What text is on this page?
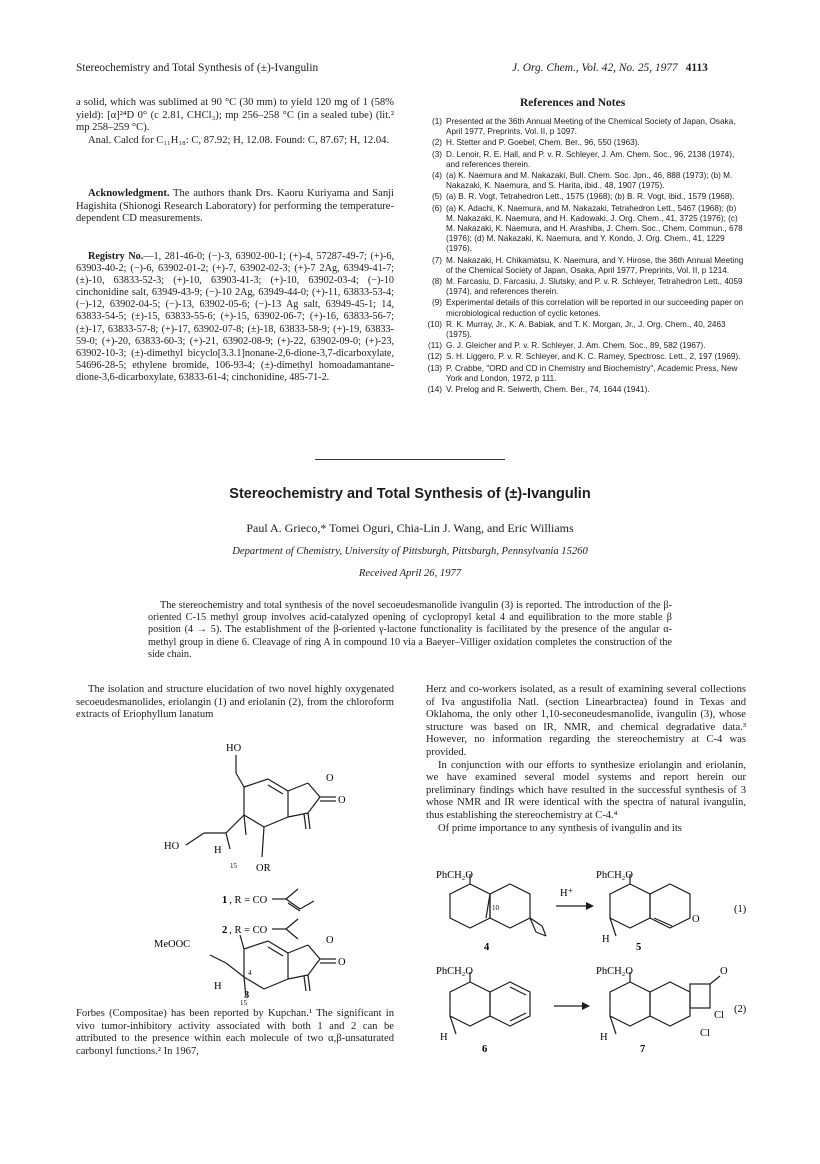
Stereochemistry and Total Synthesis of (±)-Ivangulin	J. Org. Chem., Vol. 42, No. 25, 1977 4113

a solid, which was sublimed at 90 °C (30 mm) to yield 120 mg of 1 (58% yield): [α]²⁴D 0° (c 2.81, CHCl₃); mp 256–258 °C (in a sealed tube) (lit.² mp 258–259 °C).

Anal. Calcd for C₁₁H₁₈: C, 87.92; H, 12.08. Found: C, 87.67; H, 12.04.

Acknowledgment. The authors thank Drs. Kaoru Kuriyama and Sanji Hagishita (Shionogi Research Laboratory) for performing the temperature-dependent CD measurements.

Registry No.—1, 281-46-0; (−)-3, 63902-00-1; (+)-4, 57287-49-7; (+)-6, 63903-40-2; (−)-6, 63902-01-2; (+)-7, 63902-02-3; (+)-7 2Ag, 63949-41-7; (±)-10, 63833-52-3; (+)-10, 63903-41-3; (+)-10, 63902-03-4; (−)-10 cinchonidine salt, 63949-43-9; (−)-10 2Ag, 63949-44-0; (+)-11, 63833-53-4; (−)-12, 63902-04-5; (−)-13, 63902-05-6; (−)-13 Ag salt, 63949-45-1; 14, 63833-54-5; (±)-15, 63833-55-6; (+)-15, 63902-06-7; (+)-16, 63833-56-7; (±)-17, 63833-57-8; (+)-17, 63902-07-8; (±)-18, 63833-58-9; (+)-19, 63833-59-0; (+)-20, 63833-60-3; (+)-21, 63902-08-9; (+)-22, 63902-09-0; (+)-23, 63902-10-3; (±)-dimethyl bicyclo[3.3.1]nonane-2,6-dione-3,7-dicarboxylate, 54696-28-5; ethylene bromide, 106-93-4; (±)-dimethyl homoadamantane-dione-3,6-dicarboxylate, 63833-61-4; cinchonidine, 485-71-2.

References and Notes
(1) Presented at the 36th Annual Meeting of the Chemical Society of Japan, Osaka, April 1977, Preprints, Vol. II, p 1097.
(2) H. Stetter and P. Goebel, Chem. Ber., 96, 550 (1963).
(3) D. Lenoir, R. E. Hall, and P. v. R. Schleyer, J. Am. Chem. Soc., 96, 2138 (1974), and references therein.
(4) (a) K. Naemura and M. Nakazaki, Bull. Chem. Soc. Jpn., 46, 888 (1973); (b) M. Nakazaki, K. Naemura, and S. Harita, ibid., 48, 1907 (1975).
(5) (a) B. R. Vogt, Tetrahedron Lett., 1575 (1968); (b) B. R. Vogt, ibid., 1579 (1968).
(6) (a) K. Adachi, K. Naemura, and M. Nakazaki, Tetrahedron Lett., 5467 (1968); (b) M. Nakazaki, K. Naemura, and H. Kadowaki, J. Org. Chem., 41, 3725 (1976); (c) M. Nakazaki, K. Naemura, and H. Arashiba, J. Chem. Soc., Chem. Commun., 678 (1976); (d) M. Nakazaki, K. Naemura, and Y. Kondo, J. Org. Chem., 41, 1229 (1976).
(7) M. Nakazaki, H. Chikamatsu, K. Naemura, and Y. Hirose, the 36th Annual Meeting of the Chemical Society of Japan, Osaka, April 1977, Preprints, Vol. II, p 1214.
(8) M. Farcasiu, D. Farcasiu, J. Slutsky, and P. v. R. Schleyer, Tetrahedron Lett., 4059 (1974), and references therein.
(9) Experimental details of this correlation will be reported in our succeeding paper on microbiological reduction of cyclic ketones.
(10) R. K. Murray, Jr., K. A. Babiak, and T. K. Morgan, Jr., J. Org. Chem., 40, 2463 (1975).
(11) G. J. Gleicher and P. v. R. Schleyer, J. Am. Chem. Soc., 89, 582 (1967).
(12) S. H. Liggero, P. v. R. Schleyer, and K. C. Ramey, Spectrosc. Lett., 2, 197 (1969).
(13) P. Crabbe, "ORD and CD in Chemistry and Biochemistry", Academic Press, New York and London, 1972, p 111.
(14) V. Prelog and R. Seiwerth, Chem. Ber., 74, 1644 (1941).
Stereochemistry and Total Synthesis of (±)-Ivangulin
Paul A. Grieco,* Tomei Oguri, Chia-Lin J. Wang, and Eric Williams
Department of Chemistry, University of Pittsburgh, Pittsburgh, Pennsylvania 15260
Received April 26, 1977

The stereochemistry and total synthesis of the novel secoeudesmanolide ivangulin (3) is reported. The introduction of the β-oriented C-15 methyl group involves acid-catalyzed opening of cyclopropyl ketal 4 and equilibration to the more stable β position (4 → 5). The establishment of the β-oriented γ-lactone functionality is facilitated by the presence of the angular α-methyl group in diene 6. Cleavage of ring A in compound 10 via a Baeyer–Villiger oxidation completes the construction of the side chain.

The isolation and structure elucidation of two novel highly oxygenated secoeudesmanolides, eriolangin (1) and eriolanin (2), from the chloroform extracts of Eriophyllum lanatum

Forbes (Compositae) has been reported by Kupchan.¹ The significant in vivo tumor-inhibitory activity associated with both 1 and 2 can be attributed to the presence within each molecule of two α,β-unsaturated carbonyl functions.² In 1967,

Herz and co-workers isolated, as a result of examining several collections of Iva angustifolia Natl. (section Linearbractea) found in Texas and Oklahoma, the only other 1,10-seconeudesmanolide, ivangulin (3), whose structure was based on IR, NMR, and chemical degradative data.³ However, no information regarding the stereochemistry at C-4 was provided.

In conjunction with our efforts to synthesize eriolangin and eriolanin, we have examined several model systems and report herein our preliminary findings which have resulted in the successful synthesis of 3 whose NMR and IR were identical with the spectra of natural ivangulin, thus establishing the stereochemistry at C-4.⁴

Of prime importance to any synthesis of ivangulin and its

HO
O
O
HO	H
OR
15
1 , R = CO
2 , R = CO
MeOOC	O
O
H
4
15
3
PhCH₂O
10
4
H⁺
PhCH₂O
O
H
5
(1)
PhCH₂O
H
6
PhCH₂O	O
Cl
Cl
H
7
(2)
